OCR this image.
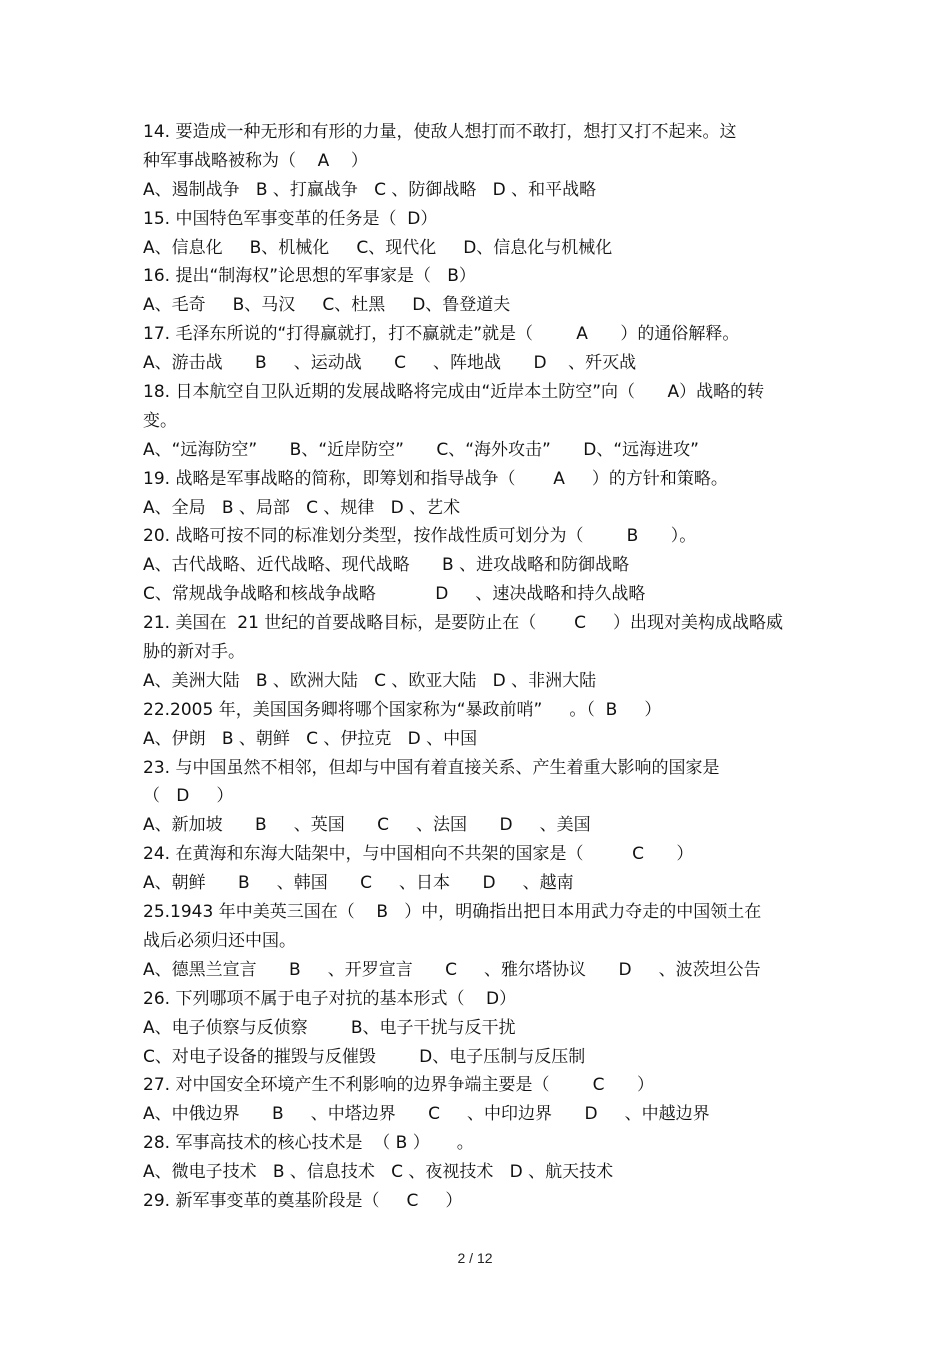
14. 要造成一种无形和有形的力量，使敌人想打而不敢打，想打又打不起来。这
种军事战略被称为（    A    ）
A、遏制战争   B 、打赢战争   C 、防御战略   D 、和平战略
15. 中国特色军事变革的任务是（  D）
A、信息化     B、机械化     C、现代化     D、信息化与机械化
16. 提出“制海权”论思想的军事家是（   B）
A、毛奇     B、马汉     C、杜黑     D、鲁登道夫
17. 毛泽东所说的“打得赢就打，打不赢就走”就是（        A      ）的通俗解释。
A、游击战      B     、运动战      C     、阵地战      D    、歼灭战
18. 日本航空自卫队近期的发展战略将完成由“近岸本土防空”向（      A）战略的转
变。
A、“远海防空”      B、“近岸防空”      C、“海外攻击”      D、“远海进攻”
19. 战略是军事战略的简称，即筹划和指导战争（       A     ）的方针和策略。
A、全局   B 、局部   C 、规律   D 、艺术
20. 战略可按不同的标准划分类型，按作战性质可划分为（        B      ）。
A、古代战略、近代战略、现代战略      B 、进攻战略和防御战略
C、常规战争战略和核战争战略           D     、速决战略和持久战略
21. 美国在  21 世纪的首要战略目标，是要防止在（       C     ）出现对美构成战略威
胁的新对手。
A、美洲大陆   B 、欧洲大陆   C 、欧亚大陆   D 、非洲大陆
22.2005 年，美国国务卿将哪个国家称为“暴政前哨”     。（  B     ）
A、伊朗   B 、朝鲜   C 、伊拉克   D 、中国
23. 与中国虽然不相邻，但却与中国有着直接关系、产生着重大影响的国家是
（   D     ）
A、新加坡      B     、英国      C     、法国      D     、美国
24. 在黄海和东海大陆架中，与中国相向不共架的国家是（         C      ）
A、朝鲜      B     、韩国      C     、日本      D     、越南
25.1943 年中美英三国在（    B   ）中，明确指出把日本用武力夺走的中国领土在
战后必须归还中国。
A、德黑兰宣言      B     、开罗宣言      C     、雅尔塔协议      D     、波茨坦公告
26. 下列哪项不属于电子对抗的基本形式（    D）
A、电子侦察与反侦察        B、电子干扰与反干扰
C、对电子设备的摧毁与反催毁        D、电子压制与反压制
27. 对中国安全环境产生不利影响的边界争端主要是（        C      ）
A、中俄边界      B     、中塔边界      C     、中印边界      D     、中越边界
28. 军事高技术的核心技术是  （ B ）     。
A、微电子技术   B 、信息技术   C 、夜视技术   D 、航天技术
29. 新军事变革的奠基阶段是（     C     ）
2 / 12
